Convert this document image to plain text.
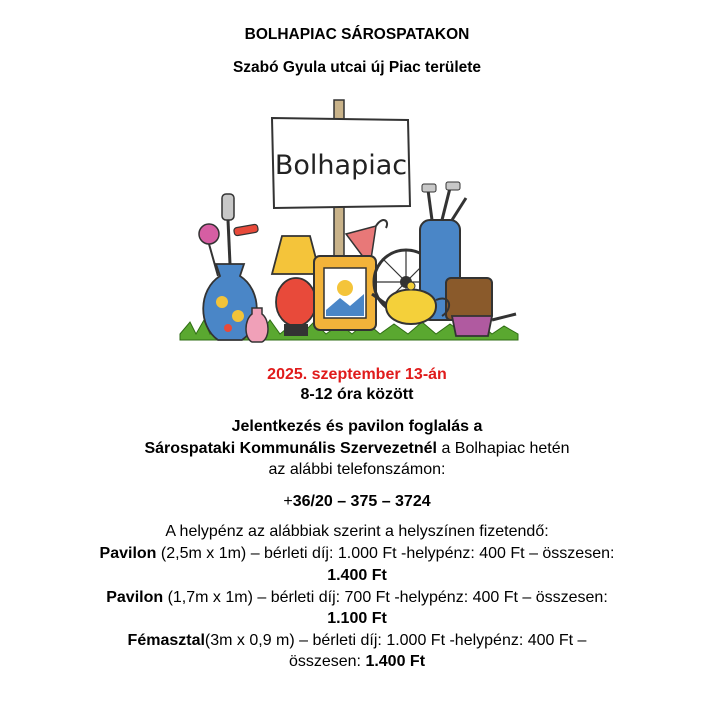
BOLHAPIAC SÁROSPATAKON
Szabó Gyula utcai új Piac területe
Bolhapiac
2025. szeptember 13-án
8-12 óra között
Jelentkezés és pavilon foglalás a
Sárospataki Kommunális Szervezetnél a Bolhapiac hetén
az alábbi telefonszámon:
+36/20 – 375 – 3724
A helypénz az alábbiak szerint a helyszínen fizetendő:
Pavilon (2,5m x 1m) – bérleti díj: 1.000 Ft -helypénz: 400 Ft – összesen:
1.400 Ft
Pavilon (1,7m x 1m) – bérleti díj: 700 Ft -helypénz: 400 Ft – összesen:
1.100 Ft
Fémasztal(3m x 0,9 m) – bérleti díj: 1.000 Ft -helypénz: 400 Ft –
összesen: 1.400 Ft
